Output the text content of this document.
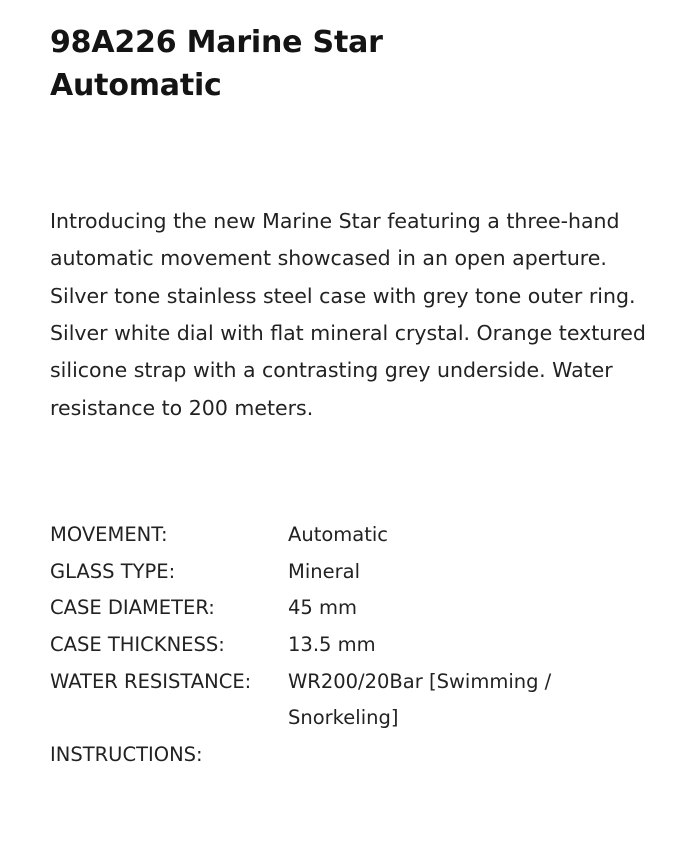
98A226 Marine Star Automatic

Introducing the new Marine Star featuring a three-hand automatic movement showcased in an open aperture. Silver tone stainless steel case with grey tone outer ring. Silver white dial with flat mineral crystal. Orange textured silicone strap with a contrasting grey underside. Water resistance to 200 meters.

MOVEMENT:	Automatic
GLASS TYPE:	Mineral
CASE DIAMETER:	45 mm
CASE THICKNESS:	13.5 mm
WATER RESISTANCE:	WR200/20Bar [Swimming / Snorkeling]
INSTRUCTIONS:
